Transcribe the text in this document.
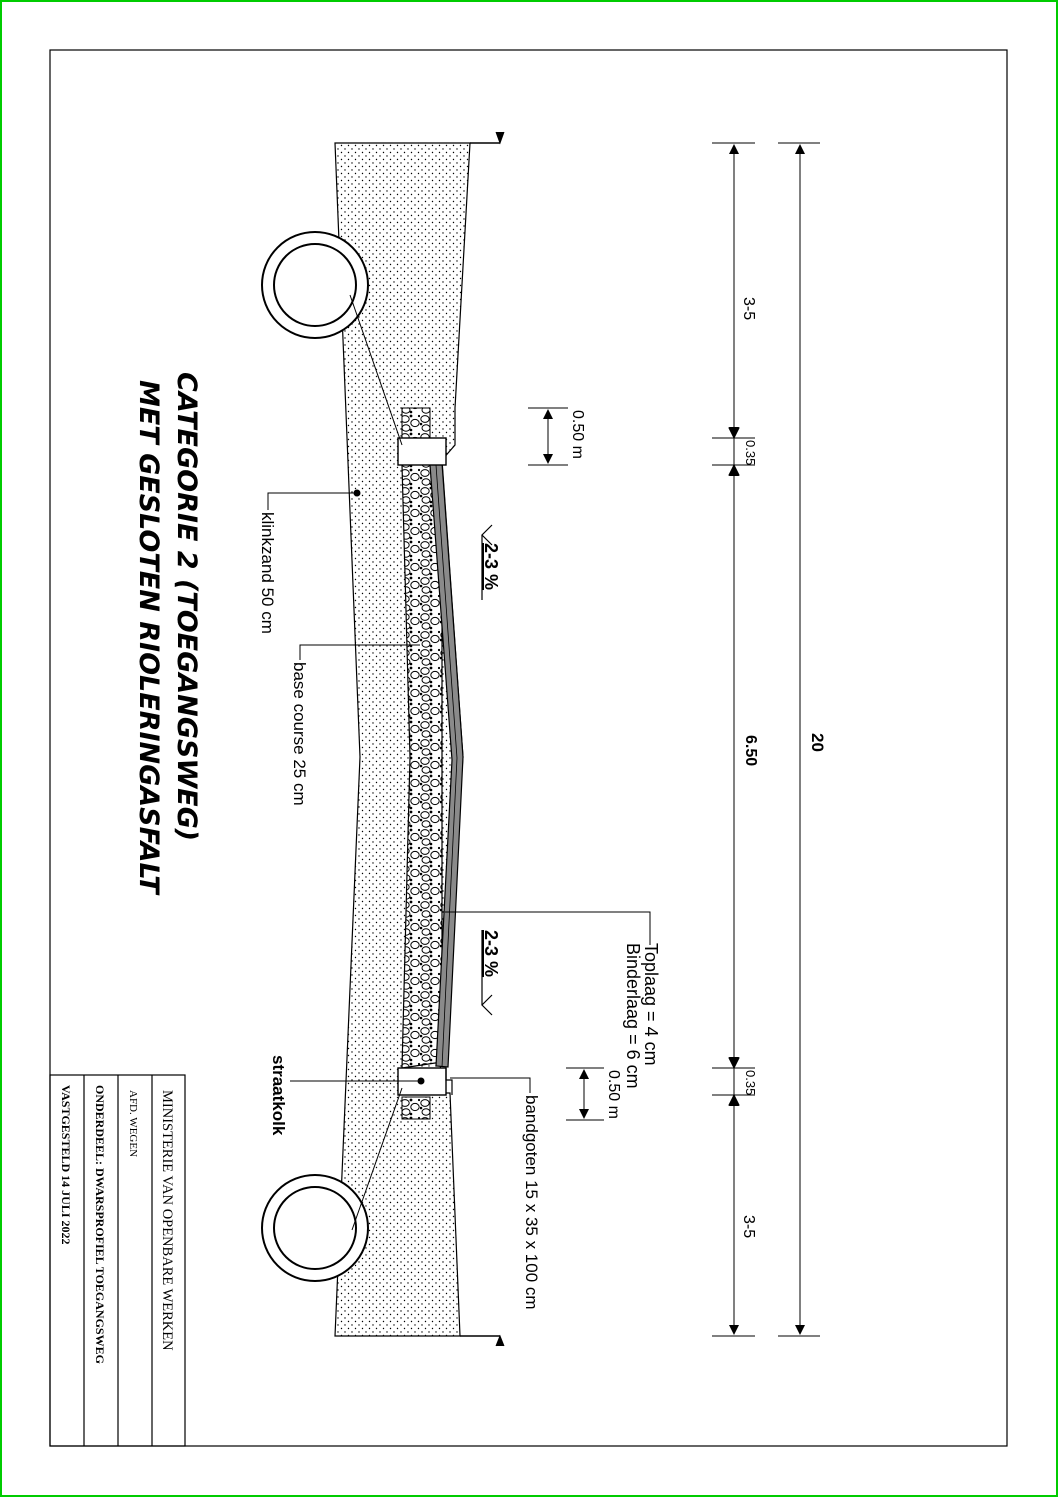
CATEGORIE 2 (TOEGANGSWEG)
MET GESLOTEN RIOLERINGASFALT	klinkzand 50 cm
base course 25 cm
straatkolk	bandgoten 15 x 35 x 100 cm
Toplaag = 4 cm
Binderlaag = 6 cm
0.50 m
0.50 m
2-3 %
2-3 %
3-5
0.35
6.50
0.35
3-5
20
MINISTERIE VAN OPENBARE WERKEN
AFD. WEGEN
ONDERDEEL: DWARSPROFIEL TOEGANGSWEG
VASTGESTELD 14 JULI 2022
